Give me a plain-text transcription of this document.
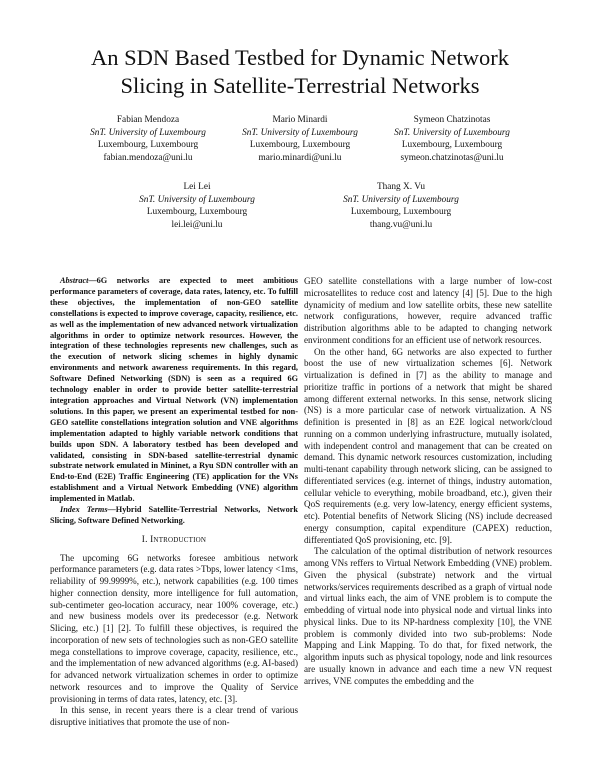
An SDN Based Testbed for Dynamic Network
Slicing in Satellite-Terrestrial Networks
Fabian Mendoza
SnT. University of Luxembourg
Luxembourg, Luxembourg
fabian.mendoza@uni.lu
Mario Minardi
SnT. University of Luxembourg
Luxembourg, Luxembourg
mario.minardi@uni.lu
Symeon Chatzinotas
SnT. University of Luxembourg
Luxembourg, Luxembourg
symeon.chatzinotas@uni.lu
Lei Lei
SnT. University of Luxembourg
Luxembourg, Luxembourg
lei.lei@uni.lu
Thang X. Vu
SnT. University of Luxembourg
Luxembourg, Luxembourg
thang.vu@uni.lu

Abstract—6G networks are expected to meet ambitious performance parameters of coverage, data rates, latency, etc. To fulfill these objectives, the implementation of non-GEO satellite constellations is expected to improve coverage, capacity, resilience, etc. as well as the implementation of new advanced network virtualization algorithms in order to optimize network resources. However, the integration of these technologies represents new challenges, such as the execution of network slicing schemes in highly dynamic environments and network awareness requirements. In this regard, Software Defined Networking (SDN) is seen as a required 6G technology enabler in order to provide better satellite-terrestrial integration approaches and Virtual Network (VN) implementation solutions. In this paper, we present an experimental testbed for non-GEO satellite constellations integration solution and VNE algorithms implementation adapted to highly variable network conditions that builds upon SDN. A laboratory testbed has been developed and validated, consisting in SDN-based satellite-terrestrial dynamic substrate network emulated in Mininet, a Ryu SDN controller with an End-to-End (E2E) Traffic Engineering (TE) application for the VNs establishment and a Virtual Network Embedding (VNE) algorithm implemented in Matlab.

Index Terms—Hybrid Satellite-Terrestrial Networks, Network Slicing, Software Defined Networking.

I. Introduction

The upcoming 6G networks foresee ambitious network performance parameters (e.g. data rates >Tbps, lower latency <1ms, reliability of 99.9999%, etc.), network capabilities (e.g. 100 times higher connection density, more intelligence for full automation, sub-centimeter geo-location accuracy, near 100% coverage, etc.) and new business models over its predecessor (e.g. Network Slicing, etc.) [1] [2]. To fulfill these objectives, is required the incorporation of new sets of technologies such as non-GEO satellite mega constellations to improve coverage, capacity, resilience, etc., and the implementation of new advanced algorithms (e.g. AI-based) for advanced network virtualization schemes in order to optimize network resources and to improve the Quality of Service provisioning in terms of data rates, latency, etc. [3].

In this sense, in recent years there is a clear trend of various disruptive initiatives that promote the use of non-

GEO satellite constellations with a large number of low-cost microsatellites to reduce cost and latency [4] [5]. Due to the high dynamicity of medium and low satellite orbits, these new satellite network configurations, however, require advanced traffic distribution algorithms able to be adapted to changing network environment conditions for an efficient use of network resources.

On the other hand, 6G networks are also expected to further boost the use of new virtualization schemes [6]. Network virtualization is defined in [7] as the ability to manage and prioritize traffic in portions of a network that might be shared among different external networks. In this sense, network slicing (NS) is a more particular case of network virtualization. A NS definition is presented in [8] as an E2E logical network/cloud running on a common underlying infrastructure, mutually isolated, with independent control and management that can be created on demand. This dynamic network resources customization, including multi-tenant capability through network slicing, can be assigned to differentiated services (e.g. internet of things, industry automation, cellular vehicle to everything, mobile broadband, etc.), given their QoS requirements (e.g. very low-latency, energy efficient systems, etc). Potential benefits of Network Slicing (NS) include decreased energy consumption, capital expenditure (CAPEX) reduction, differentiated QoS provisioning, etc. [9].

The calculation of the optimal distribution of network resources among VNs reffers to Virtual Network Embedding (VNE) problem. Given the physical (substrate) network and the virtual networks/services requirements described as a graph of virtual node and virtual links each, the aim of VNE problem is to compute the embedding of virtual node into physical node and virtual links into physical links. Due to its NP-hardness complexity [10], the VNE problem is commonly divided into two sub-problems: Node Mapping and Link Mapping. To do that, for fixed network, the algorithm inputs such as physical topology, node and link resources are usually known in advance and each time a new VN request arrives, VNE computes the embedding and the
